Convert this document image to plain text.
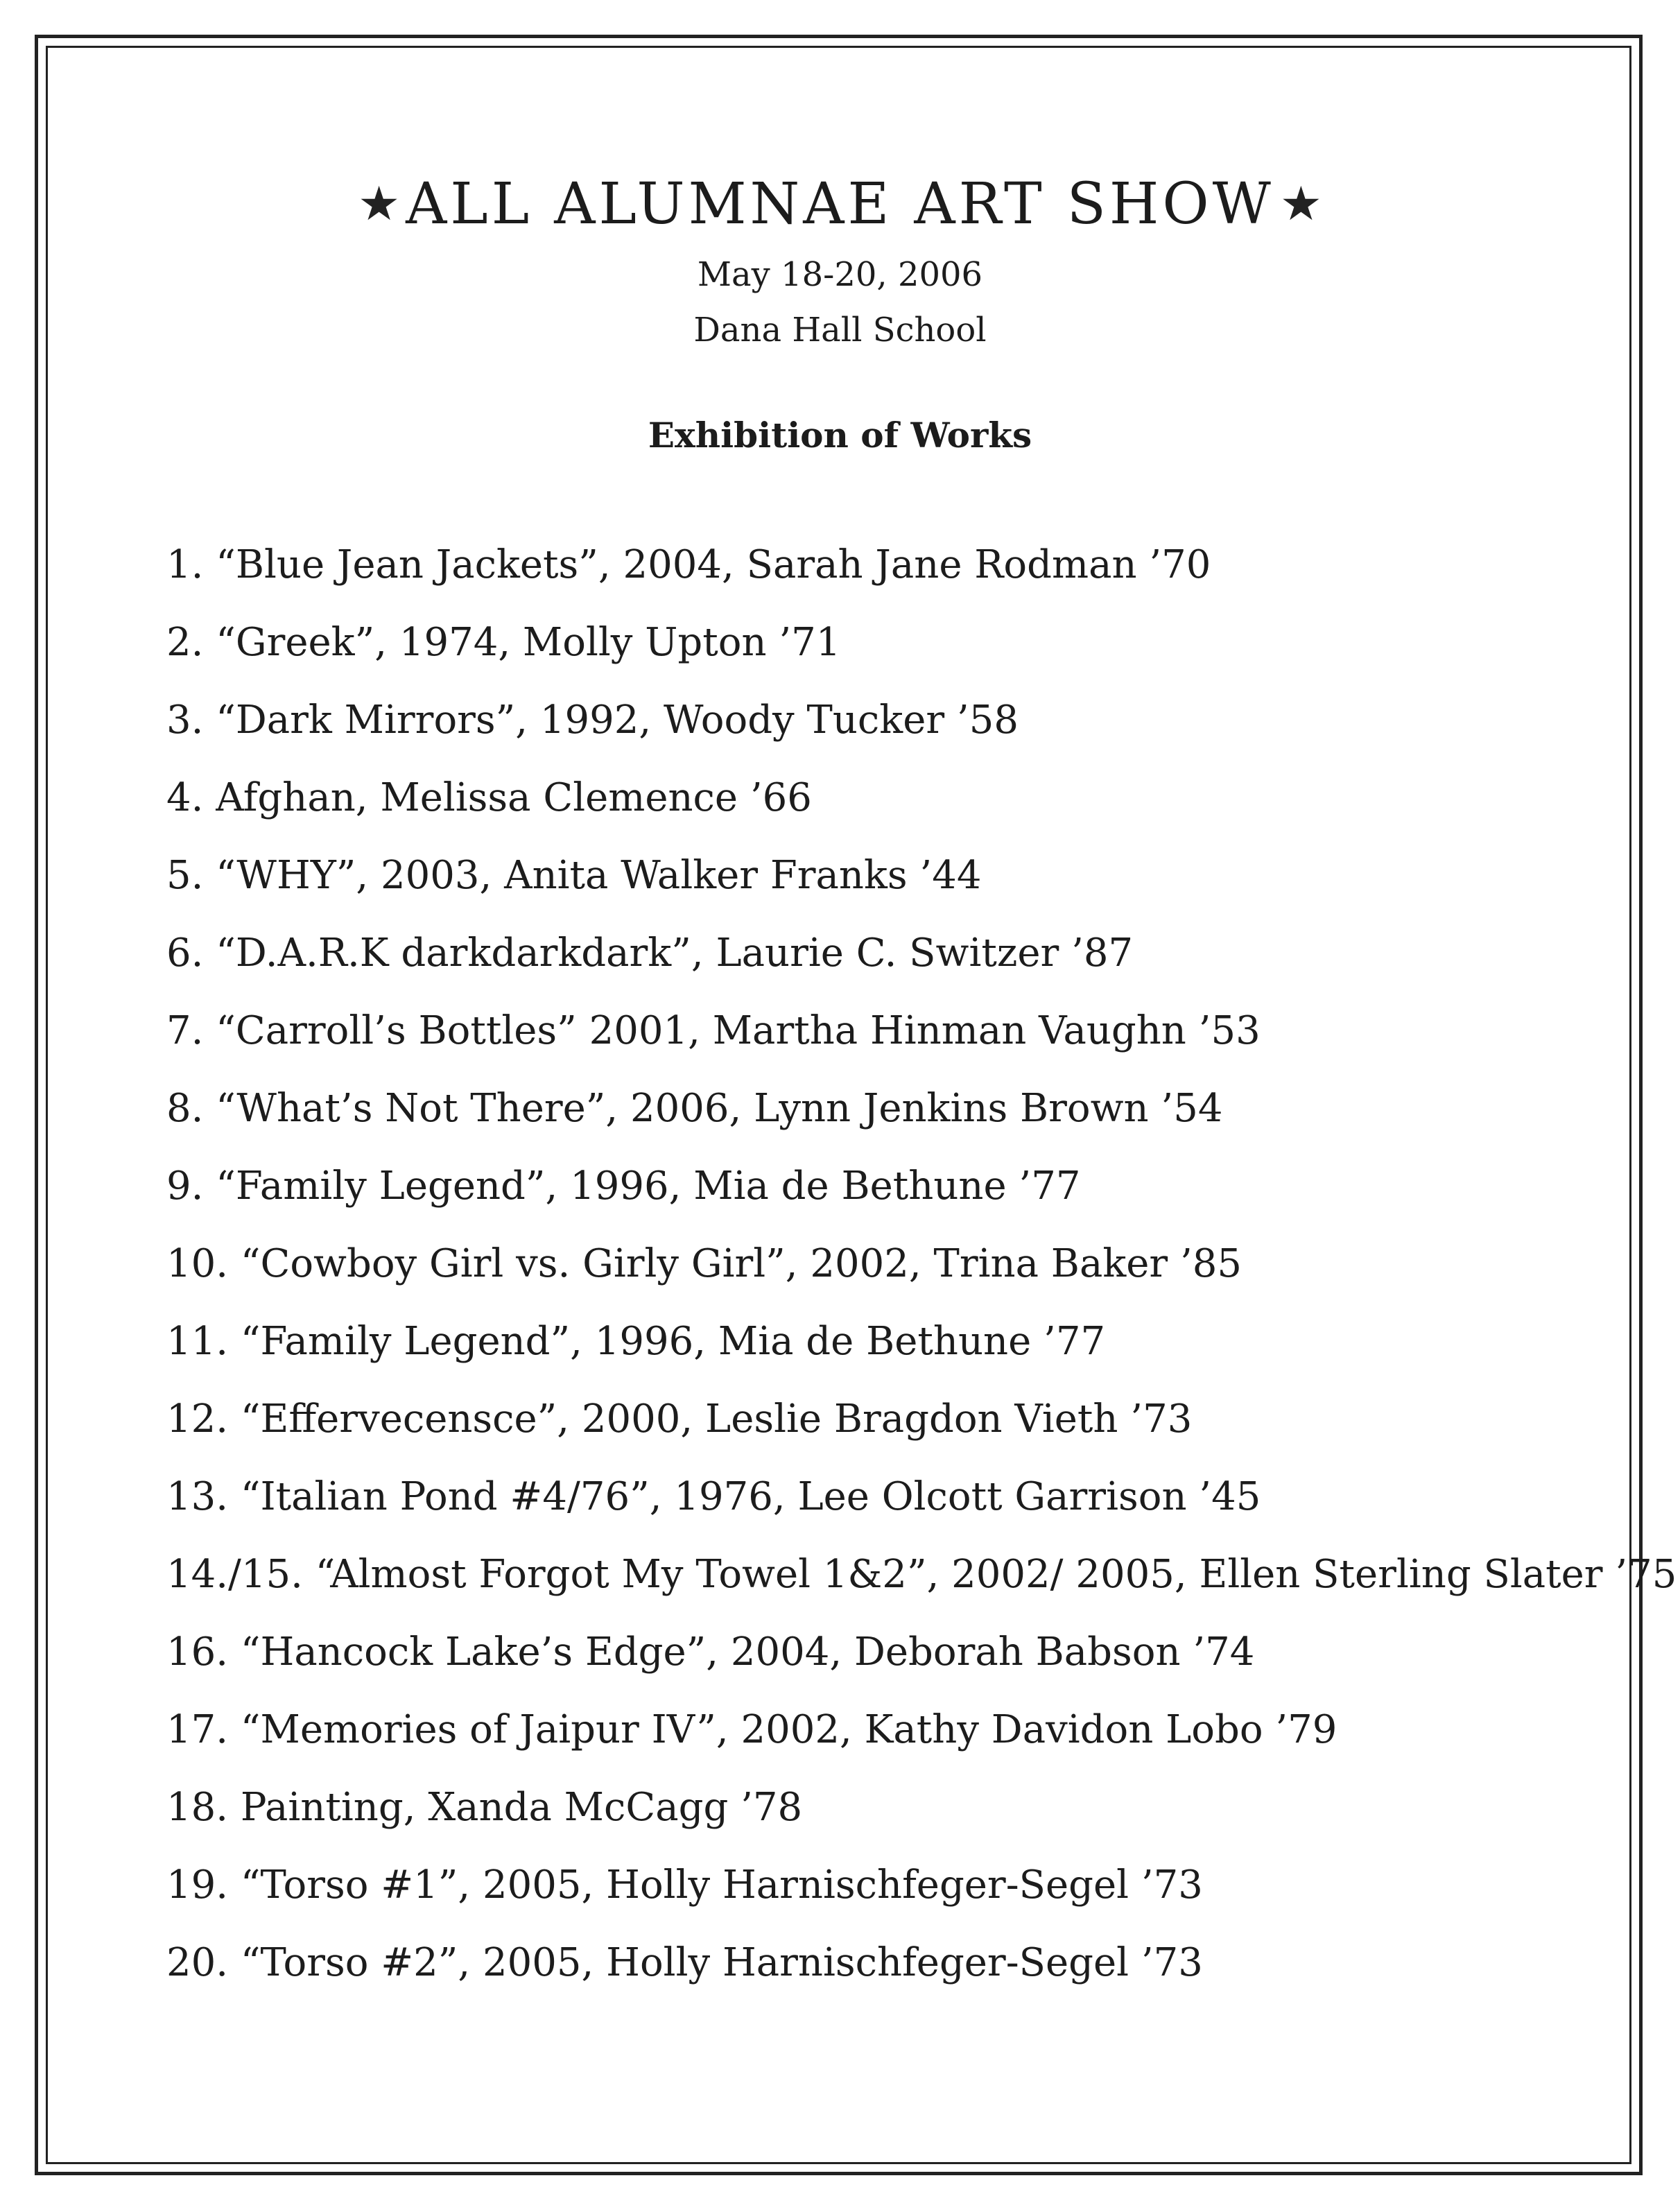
★ ALL ALUMNAE ART SHOW ★
May 18-20, 2006
Dana Hall School
Exhibition of Works
1. “Blue Jean Jackets”, 2004, Sarah Jane Rodman ’70
2. “Greek”, 1974, Molly Upton ’71
3. “Dark Mirrors”, 1992, Woody Tucker ’58
4. Afghan, Melissa Clemence ’66
5. “WHY”, 2003, Anita Walker Franks ’44
6. “D.A.R.K darkdarkdark”, Laurie C. Switzer ’87
7. “Carroll’s Bottles” 2001, Martha Hinman Vaughn ’53
8. “What’s Not There”, 2006, Lynn Jenkins Brown ’54
9. “Family Legend”, 1996, Mia de Bethune ’77
10. “Cowboy Girl vs. Girly Girl”, 2002, Trina Baker ’85
11. “Family Legend”, 1996, Mia de Bethune ’77
12. “Effervecensce”, 2000, Leslie Bragdon Vieth ’73
13. “Italian Pond #4/76”, 1976, Lee Olcott Garrison ’45
14./15. “Almost Forgot My Towel 1&2”, 2002/ 2005, Ellen Sterling Slater ’75
16. “Hancock Lake’s Edge”, 2004, Deborah Babson ’74
17. “Memories of Jaipur IV”, 2002, Kathy Davidon Lobo ’79
18. Painting, Xanda McCagg ’78
19. “Torso #1”, 2005, Holly Harnischfeger-Segel ’73
20. “Torso #2”, 2005, Holly Harnischfeger-Segel ’73
